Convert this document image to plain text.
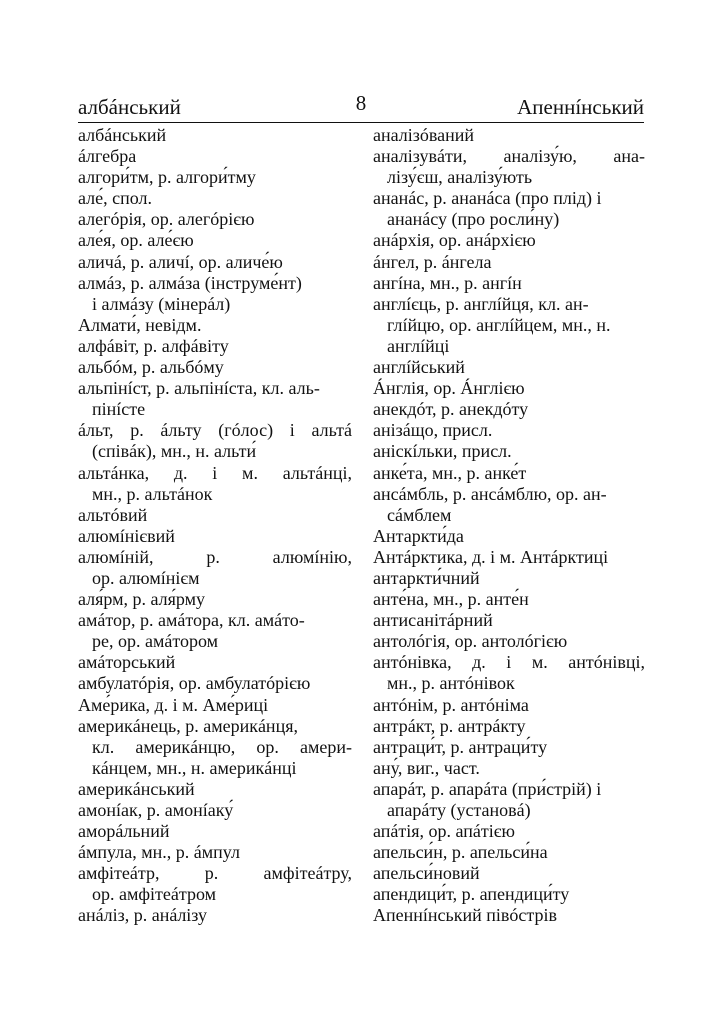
албáнський	8	Апеннíнський
албáнський
áлгебра
алгори́тм, р. алгори́тму
але́, спол.
алегóрія, ор. алегóрією
але́я, ор. але́єю
аличá, р. аличí, ор. аличе́ю
алмáз, р. алмáза (інструме́нт)
і алмáзу (мінерáл)
Алмати́, невідм.
алфáвіт, р. алфáвіту
альбóм, р. альбóму
альпінíст, р. альпінíста, кл. аль-
пінíсте
áльт, р. áльту (гóлос) і альтá
(співáк), мн., н. альти́
альтáнка, д. і м. альтáнці,
мн., р. альтáнок
альтóвий
алюмíнієвий
алюмíній, р. алюмíнію,
ор. алюмíнієм
аля́рм, р. аля́рму
амáтор, р. амáтора, кл. амáто-
ре, ор. амáтором
амáторський
амбулатóрія, ор. амбулатóрією
Аме́рика, д. і м. Аме́риці
америкáнець, р. америкáнця,
кл. америкáнцю, ор. амери-
кáнцем, мн., н. америкáнці
америкáнський
амонíак, р. амонíаку́
аморáльний
áмпула, мн., р. áмпул
амфітеáтр, р. амфітеáтру,
ор. амфітеáтром
анáліз, р. анáлізу
аналізóваний
аналізувáти, аналізу́ю, ана-
лізу́єш, аналізу́ють
ананáс, р. ананáса (про плід) і
ананáсу (про росли́ну)
анáрхія, ор. анáрхією
áнгел, р. áнгела
ангíна, мн., р. ангíн
англíєць, р. англíйця, кл. ан-
глíйцю, ор. англíйцем, мн., н.
англíйці
англíйський
Áнглія, ор. Áнглією
анекдóт, р. анекдóту
анізáщо, присл.
аніскíльки, присл.
анке́та, мн., р. анке́т
ансáмбль, р. ансáмблю, ор. ан-
сáмблем
Антаркти́да
Антáрктика, д. і м. Антáрктиці
антаркти́чний
анте́на, мн., р. анте́н
антисанітáрний
антолóгія, ор. антолóгією
антóнівка, д. і м. антóнівці,
мн., р. антóнівок
антóнім, р. антóніма
антрáкт, р. антрáкту
антраци́т, р. антраци́ту
ану́, виг., част.
апарáт, р. апарáта (при́стрій) і
апарáту (установá)
апáтія, ор. апáтією
апельси́н, р. апельси́на
апельси́новий
апендици́т, р. апендици́ту
Апеннíнський півóстрів
